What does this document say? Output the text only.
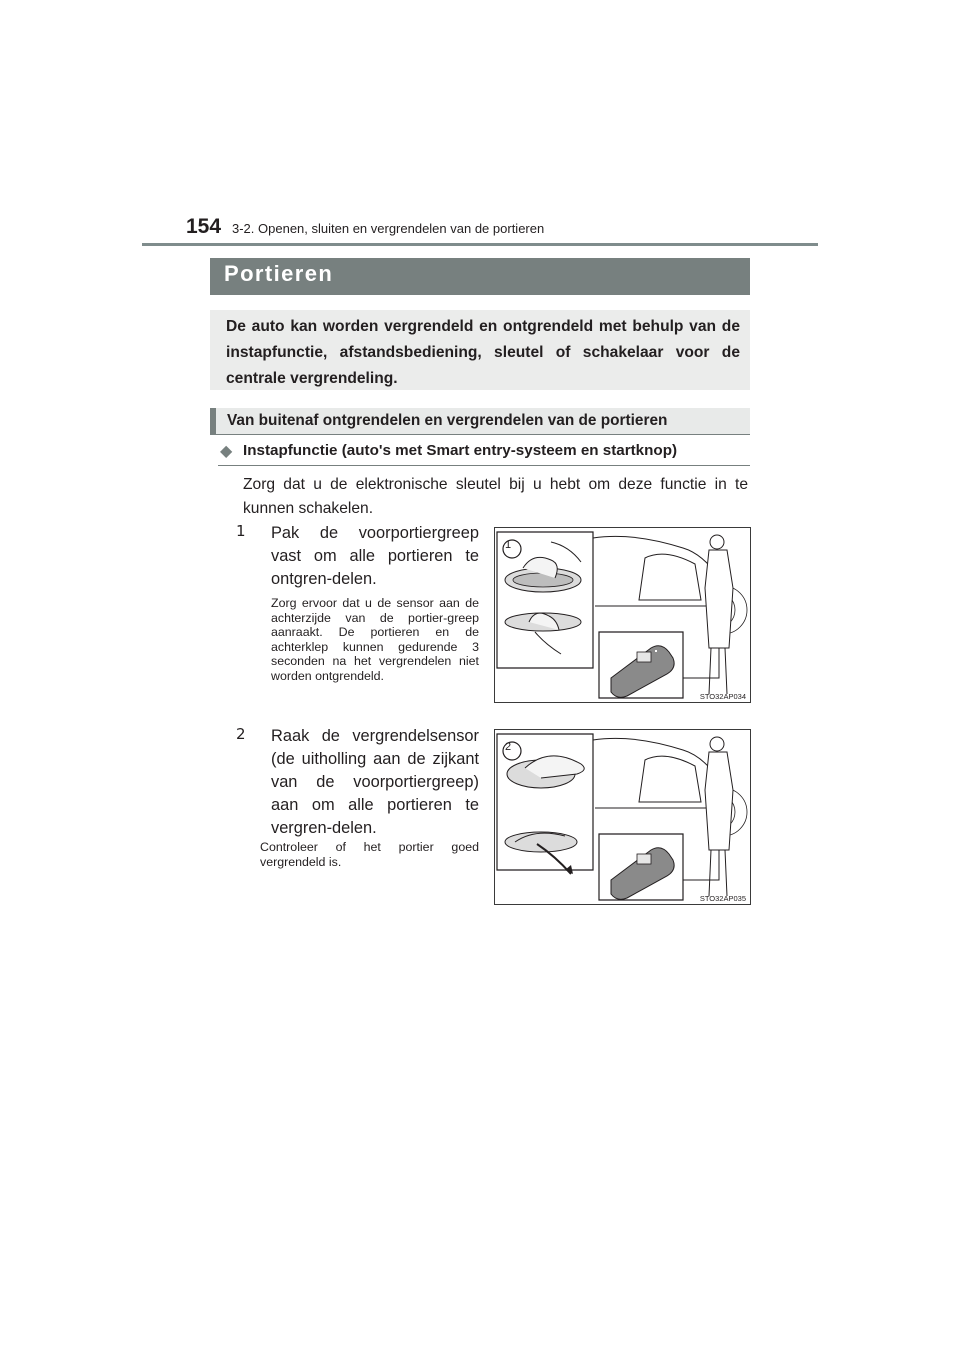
154 3-2. Openen, sluiten en vergrendelen van de portieren
Portieren
De auto kan worden vergrendeld en ontgrendeld met behulp van de instapfunctie, afstandsbediening, sleutel of schakelaar voor de centrale vergrendeling.
Van buitenaf ontgrendelen en vergrendelen van de portieren
◆ Instapfunctie (auto's met Smart entry-systeem en startknop)
Zorg dat u de elektronische sleutel bij u hebt om deze functie in te kunnen schakelen.
1 Pak de voorportiergreep vast om alle portieren te ontgren-delen.
Zorg ervoor dat u de sensor aan de achterzijde van de portier-greep aanraakt. De portieren en de achterklep kunnen gedurende 3 seconden na het vergrendelen niet worden ontgrendeld.
STO32AP034
1
2 Raak de vergrendelsensor (de uitholling aan de zijkant van de voorportiergreep) aan om alle portieren te vergren-delen.
Controleer of het portier goed vergrendeld is.
STO32AP035
2
